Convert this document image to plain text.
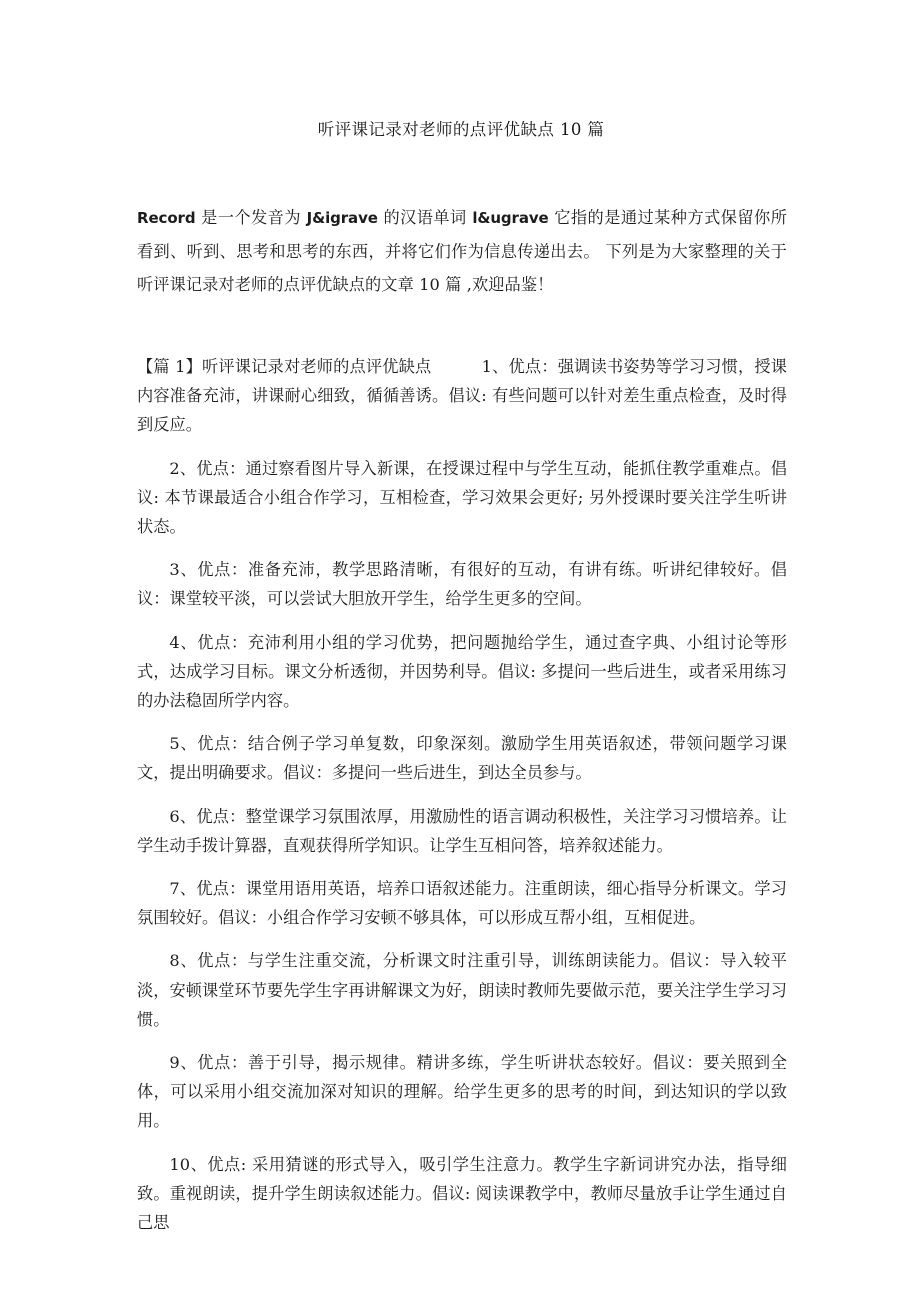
听评课记录对老师的点评优缺点 10 篇

Record 是一个发音为 J&igrave 的汉语单词 l&ugrave 它指的是通过某种方式保留你所看到、听到、思考和思考的东西，并将它们作为信息传递出去。 下列是为大家整理的关于听评课记录对老师的点评优缺点的文章 10 篇 ,欢迎品鉴！

【篇 1】听评课记录对老师的点评优缺点	1、优点：强调读书姿势等学习习惯，授课内容准备充沛，讲课耐心细致，循循善诱。倡议: 有些问题可以针对差生重点检查，及时得到反应。

2、优点：通过察看图片导入新课，在授课过程中与学生互动，能抓住教学重难点。倡议: 本节课最适合小组合作学习，互相检查，学习效果会更好; 另外授课时要关注学生听讲状态。

3、优点：准备充沛，教学思路清晰，有很好的互动，有讲有练。听讲纪律较好。倡议：课堂较平淡，可以尝试大胆放开学生，给学生更多的空间。

4、优点：充沛利用小组的学习优势，把问题抛给学生，通过查字典、小组讨论等形式，达成学习目标。课文分析透彻，并因势利导。倡议: 多提问一些后进生，或者采用练习的办法稳固所学内容。

5、优点：结合例子学习单复数，印象深刻。激励学生用英语叙述，带领问题学习课文，提出明确要求。倡议：多提问一些后进生，到达全员参与。

6、优点：整堂课学习氛围浓厚，用激励性的语言调动积极性，关注学习习惯培养。让学生动手拨计算器，直观获得所学知识。让学生互相问答，培养叙述能力。

7、优点：课堂用语用英语，培养口语叙述能力。注重朗读，细心指导分析课文。学习氛围较好。倡议：小组合作学习安顿不够具体，可以形成互帮小组，互相促进。

8、优点：与学生注重交流，分析课文时注重引导，训练朗读能力。倡议：导入较平淡，安顿课堂环节要先学生字再讲解课文为好，朗读时教师先要做示范，要关注学生学习习惯。

9、优点：善于引导，揭示规律。精讲多练，学生听讲状态较好。倡议：要关照到全体，可以采用小组交流加深对知识的理解。给学生更多的思考的时间，到达知识的学以致用。

10、优点: 采用猜谜的形式导入，吸引学生注意力。教学生字新词讲究办法，指导细致。重视朗读，提升学生朗读叙述能力。倡议: 阅读课教学中，教师尽量放手让学生通过自己思
